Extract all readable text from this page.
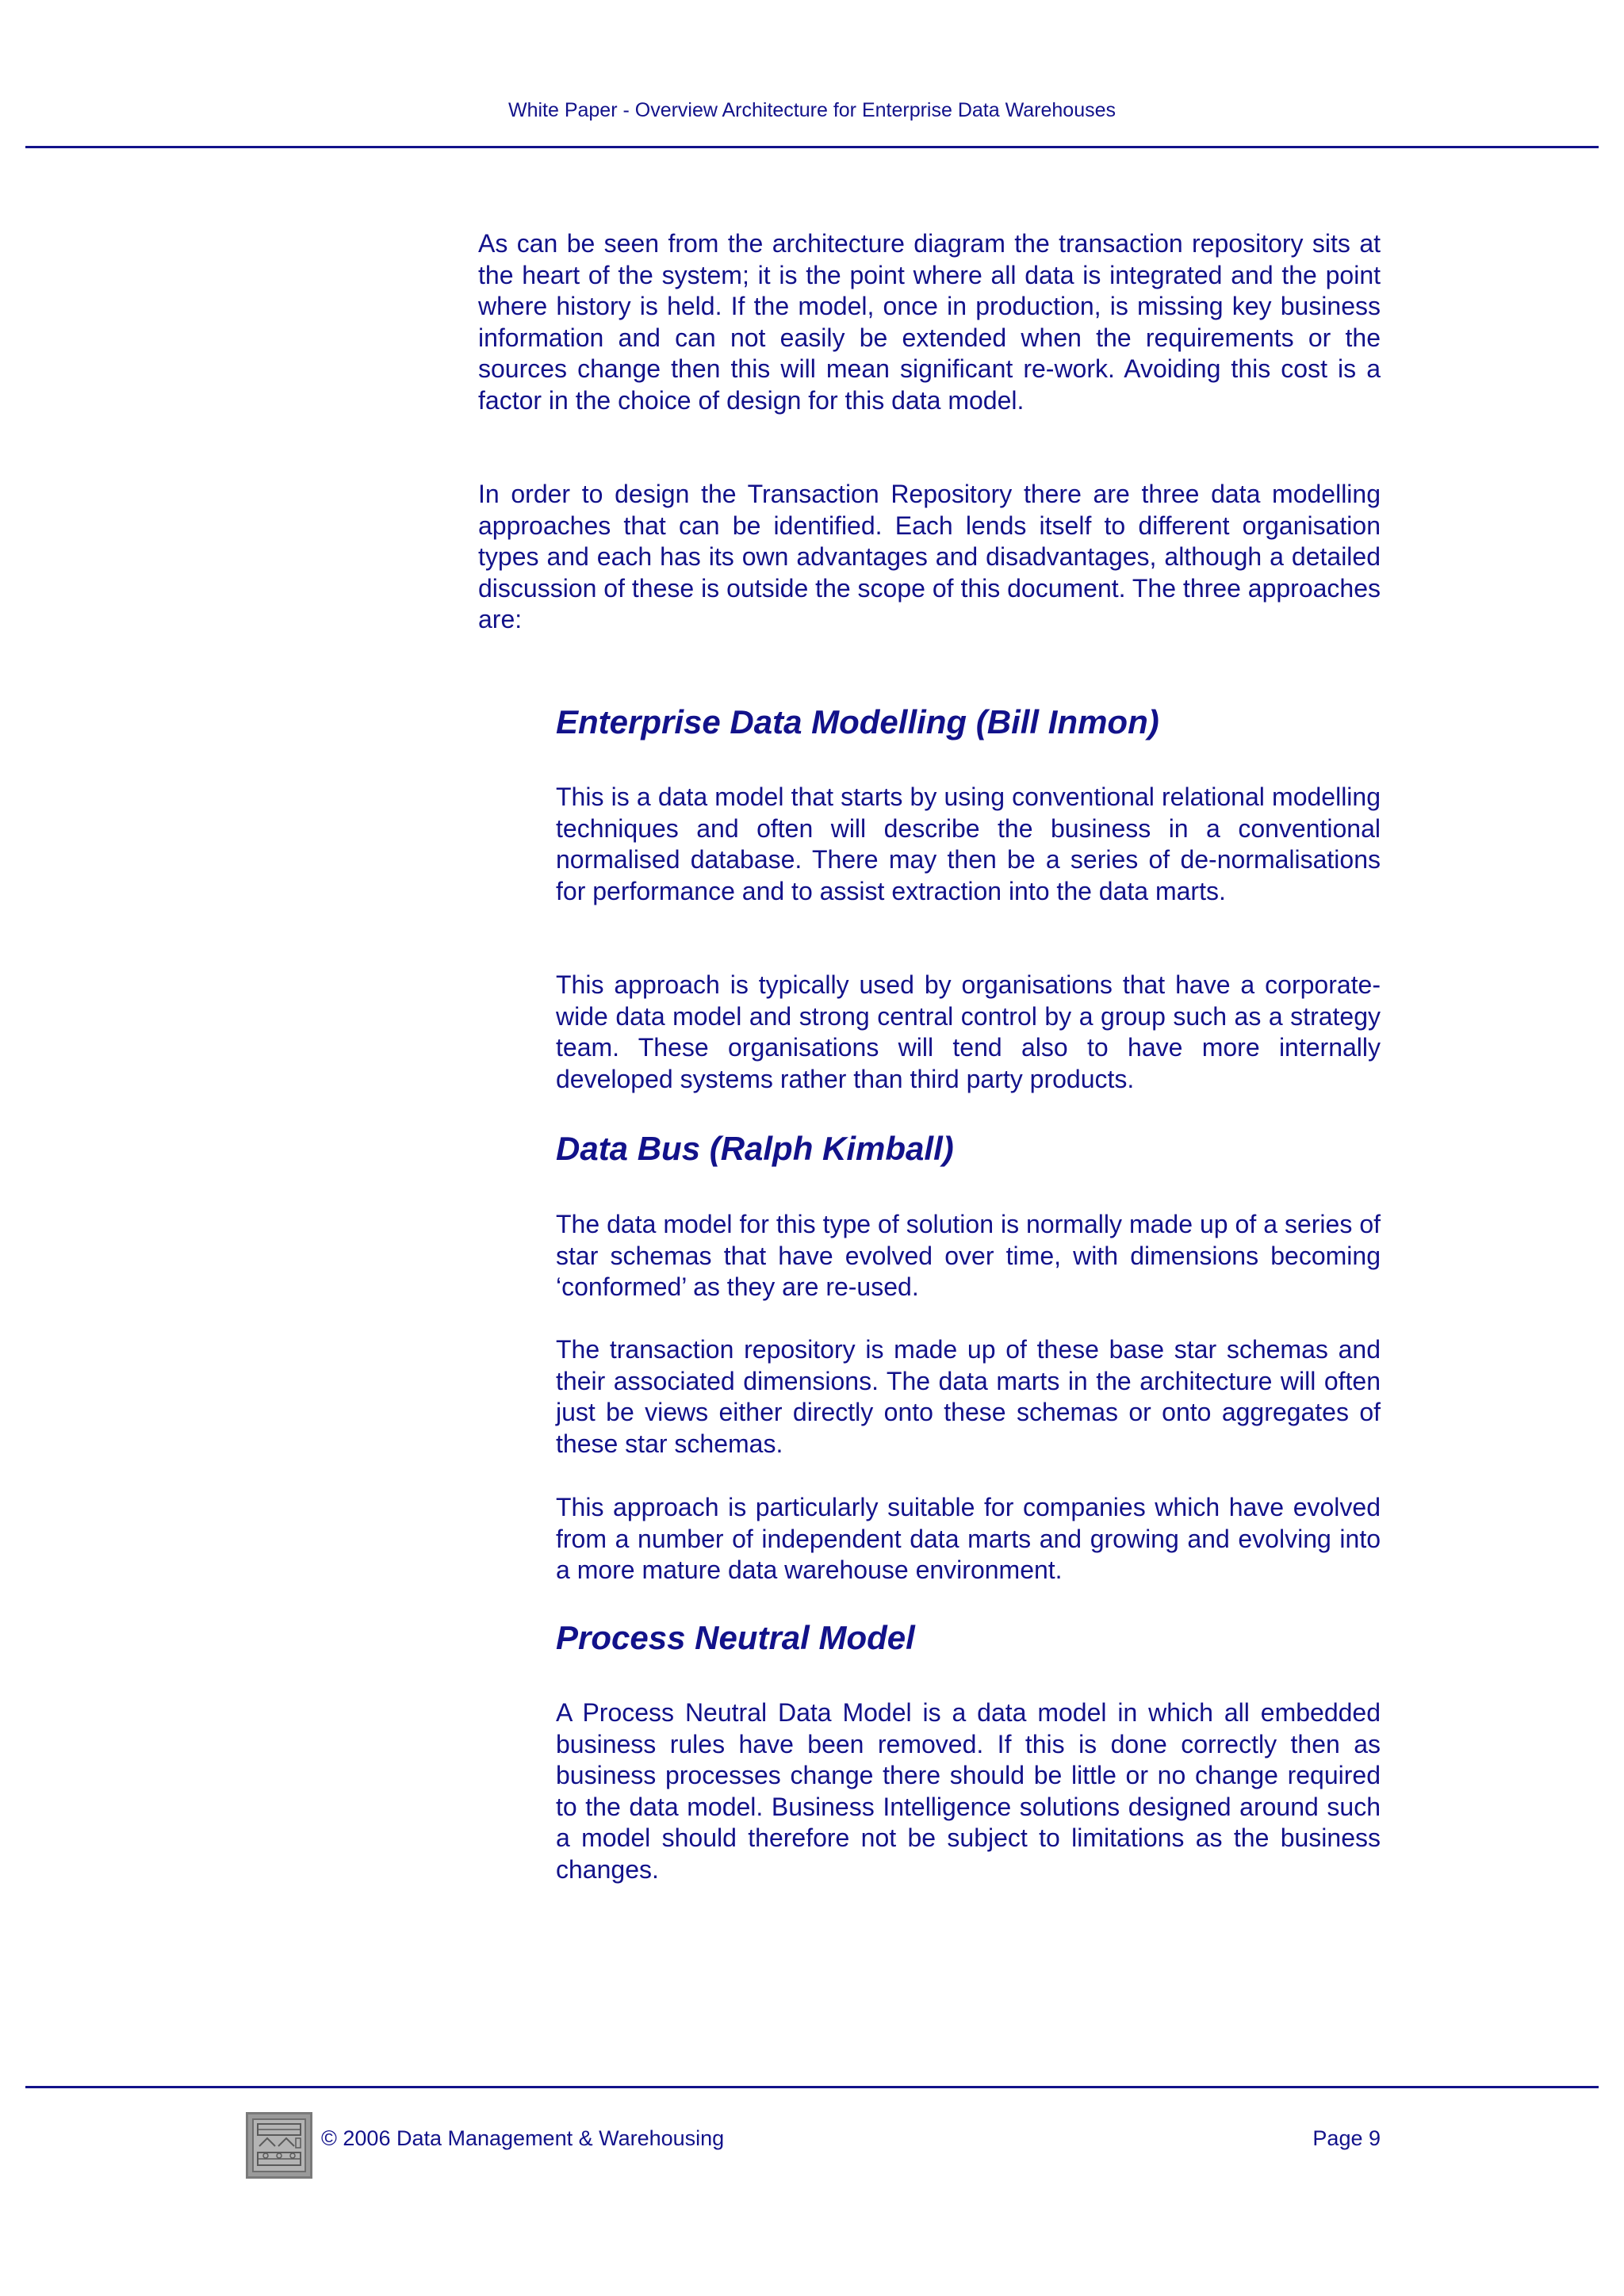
White Paper - Overview Architecture for Enterprise Data Warehouses

As can be seen from the architecture diagram the transaction repository sits at the heart of the system; it is the point where all data is integrated and the point where history is held. If the model, once in production, is missing key business information and can not easily be extended when the requirements or the sources change then this will mean significant re-work. Avoiding this cost is a factor in the choice of design for this data model.

In order to design the Transaction Repository there are three data modelling approaches that can be identified. Each lends itself to different organisation types and each has its own advantages and disadvantages, although a detailed discussion of these is outside the scope of this document. The three approaches are:

Enterprise Data Modelling (Bill Inmon)

This is a data model that starts by using conventional relational modelling techniques and often will describe the business in a conventional normalised database. There may then be a series of de-normalisations for performance and to assist extraction into the data marts.

This approach is typically used by organisations that have a corporate-wide data model and strong central control by a group such as a strategy team. These organisations will tend also to have more internally developed systems rather than third party products.

Data Bus (Ralph Kimball)

The data model for this type of solution is normally made up of a series of star schemas that have evolved over time, with dimensions becoming ‘conformed’ as they are re-used.

The transaction repository is made up of these base star schemas and their associated dimensions. The data marts in the architecture will often just be views either directly onto these schemas or onto aggregates of these star schemas.

This approach is particularly suitable for companies which have evolved from a number of independent data marts and growing and evolving into a more mature data warehouse environment.

Process Neutral Model

A Process Neutral Data Model is a data model in which all embedded business rules have been removed. If this is done correctly then as business processes change there should be little or no change required to the data model. Business Intelligence solutions designed around such a model should therefore not be subject to limitations as the business changes.

© 2006 Data Management & Warehousing	Page 9
